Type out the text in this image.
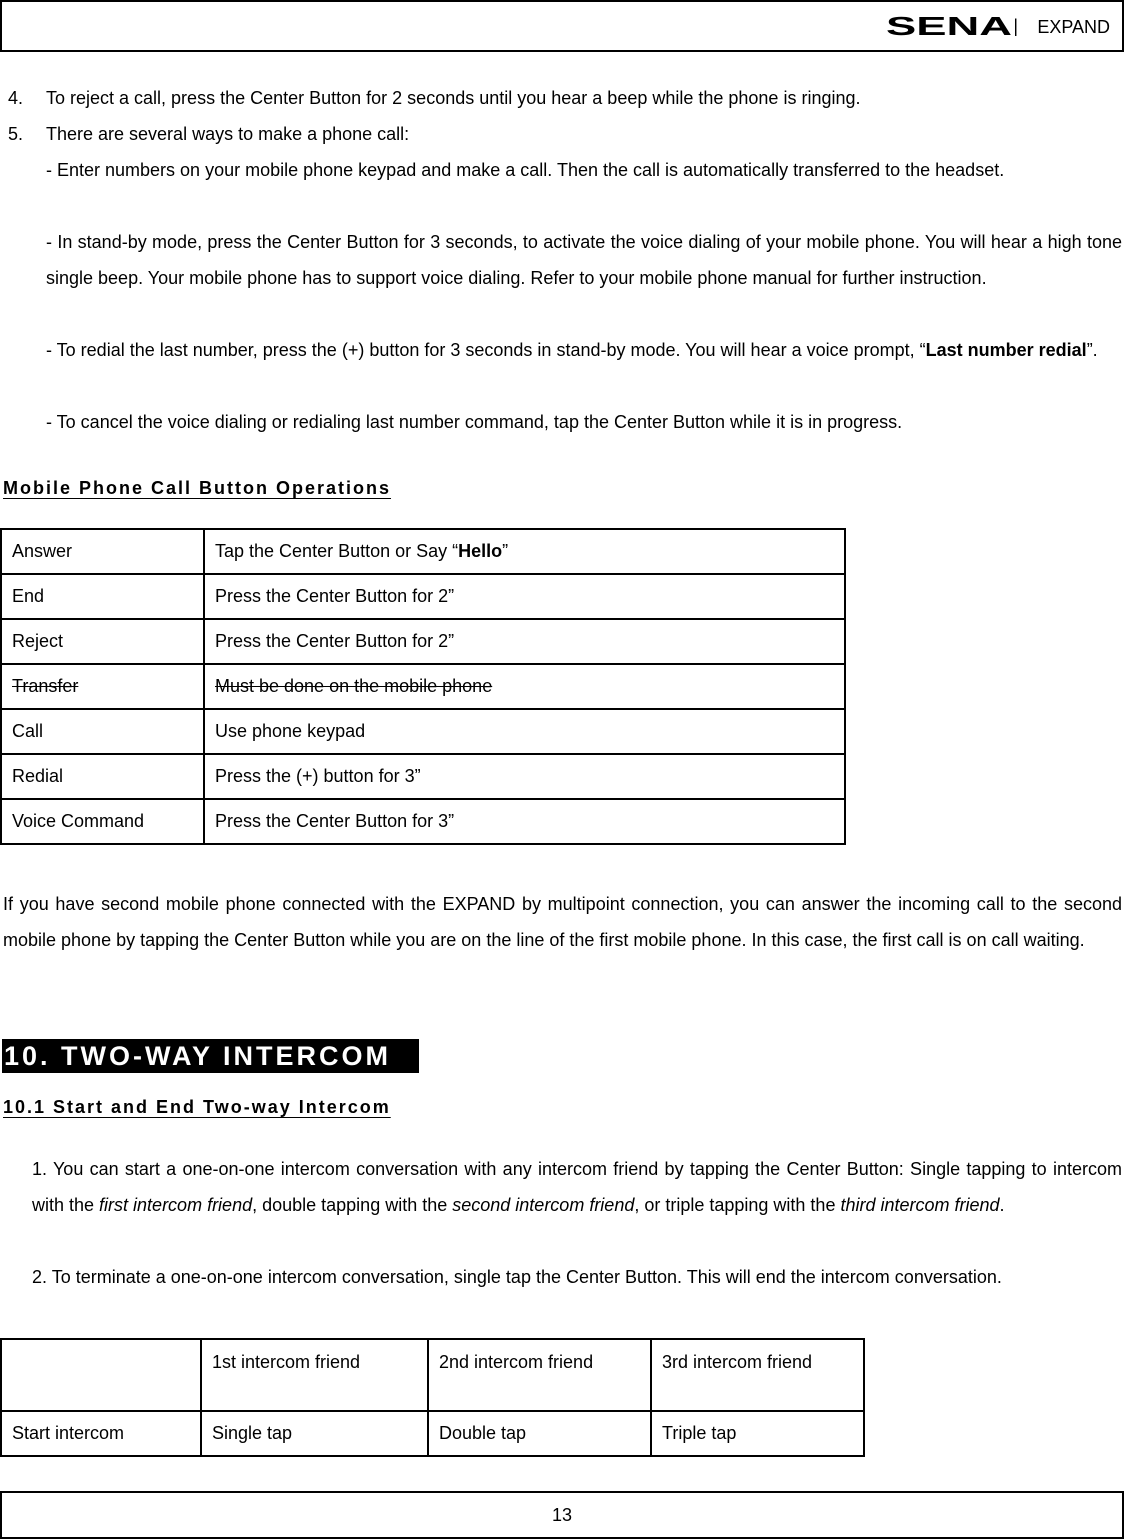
SENA | EXPAND
4. To reject a call, press the Center Button for 2 seconds until you hear a beep while the phone is ringing.
5. There are several ways to make a phone call:
- Enter numbers on your mobile phone keypad and make a call. Then the call is automatically transferred to the headset.
- In stand-by mode, press the Center Button for 3 seconds, to activate the voice dialing of your mobile phone. You will hear a high tone single beep. Your mobile phone has to support voice dialing. Refer to your mobile phone manual for further instruction.
- To redial the last number, press the (+) button for 3 seconds in stand-by mode. You will hear a voice prompt, “Last number redial”.
- To cancel the voice dialing or redialing last number command, tap the Center Button while it is in progress.
Mobile Phone Call Button Operations
Answer	Tap the Center Button or Say “Hello”
End	Press the Center Button for 2”
Reject	Press the Center Button for 2”
Transfer	Must be done on the mobile phone
Call	Use phone keypad
Redial	Press the (+) button for 3”
Voice Command	Press the Center Button for 3”
If you have second mobile phone connected with the EXPAND by multipoint connection, you can answer the incoming call to the second mobile phone by tapping the Center Button while you are on the line of the first mobile phone. In this case, the first call is on call waiting.
10. TWO-WAY INTERCOM
10.1 Start and End Two-way Intercom
1. You can start a one-on-one intercom conversation with any intercom friend by tapping the Center Button: Single tapping to intercom with the first intercom friend, double tapping with the second intercom friend, or triple tapping with the third intercom friend.
2. To terminate a one-on-one intercom conversation, single tap the Center Button. This will end the intercom conversation.
	1st intercom friend	2nd intercom friend	3rd intercom friend
Start intercom	Single tap	Double tap	Triple tap
13
